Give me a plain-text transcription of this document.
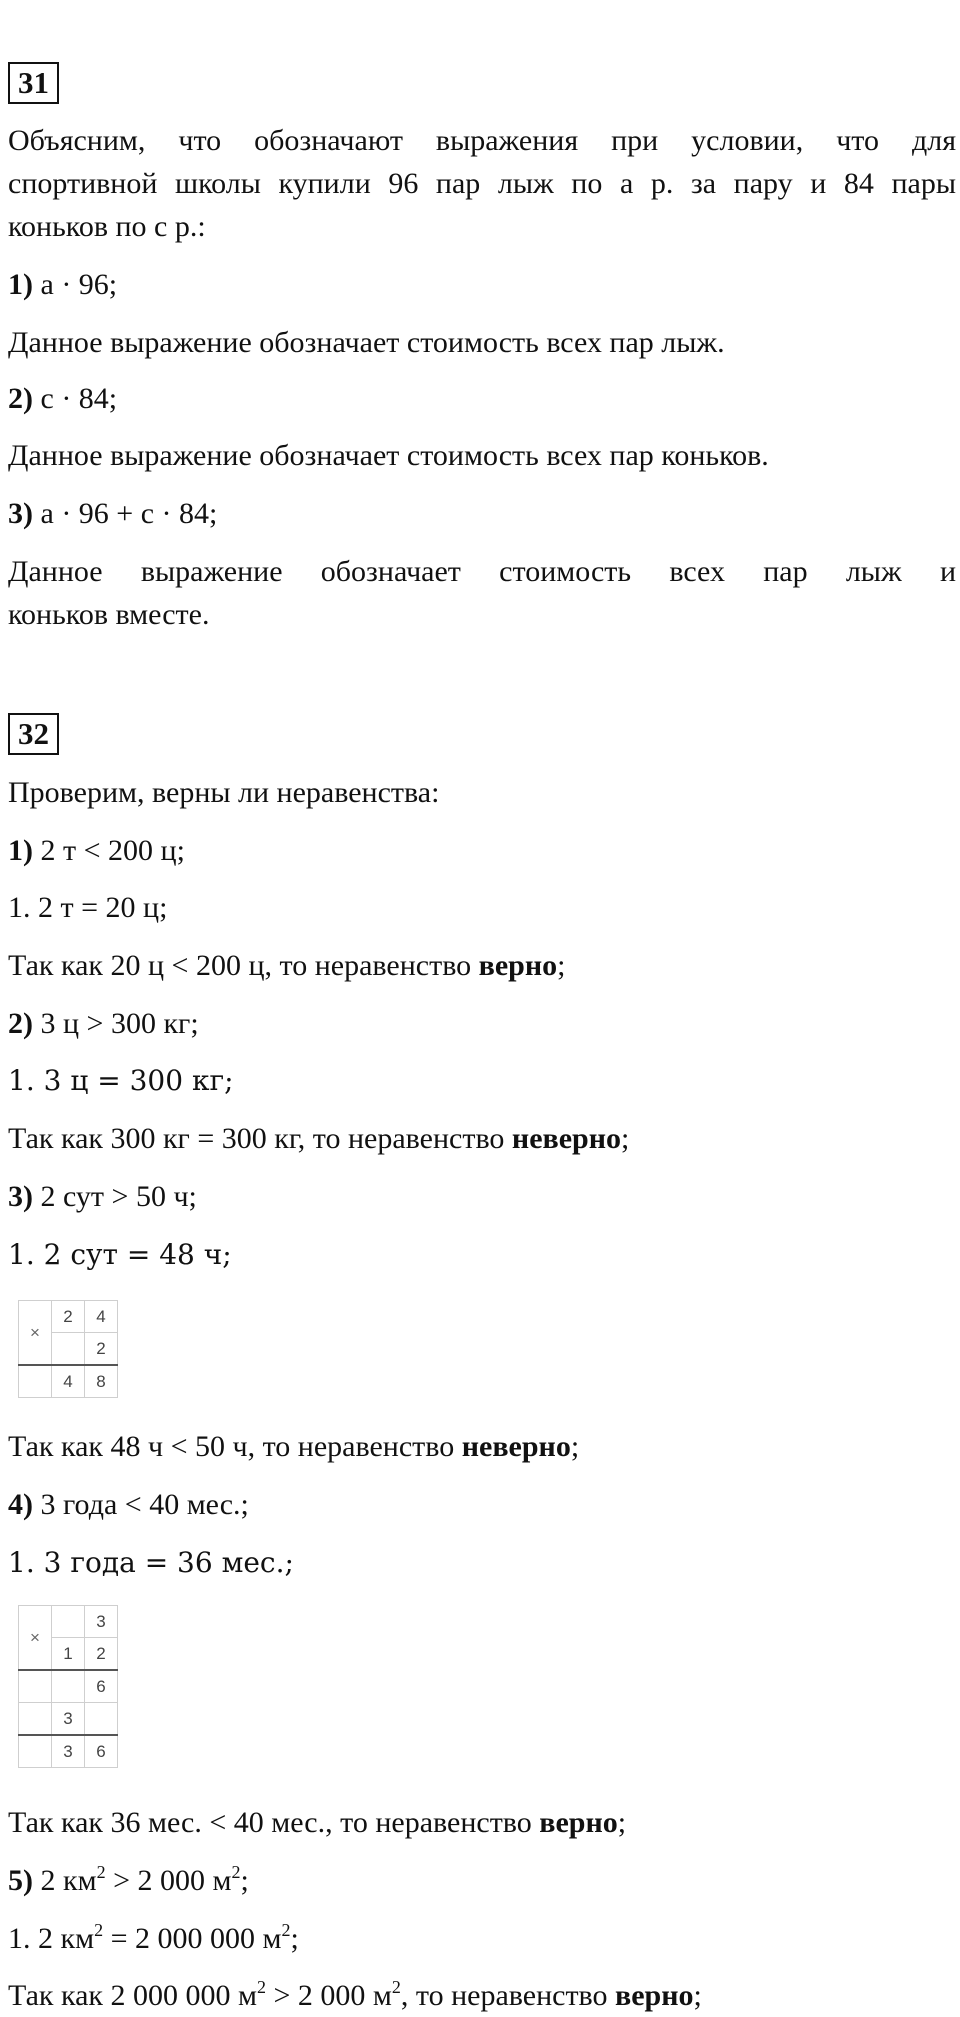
31
Объясним, что обозначают выражения при условии, что для
спортивной школы купили 96 пар лыж по а р. за пару и 84 пары
коньков по с р.:
1) а · 96;
Данное выражение обозначает стоимость всех пар лыж.
2) с · 84;
Данное выражение обозначает стоимость всех пар коньков.
3) а · 96 + с · 84;
Данное выражение обозначает стоимость всех пар лыж и
коньков вместе.
32
Проверим, верны ли неравенства:
1) 2 т < 200 ц;
1. 2 т = 20 ц;
Так как 20 ц < 200 ц, то неравенство верно;
2) 3 ц > 300 кг;
1. 3 ц = 300 кг;
Так как 300 кг = 300 кг, то неравенство неверно;
3) 2 сут > 50 ч;
1. 2 сут = 48 ч;
×	2	4
		2
	4	8
Так как 48 ч < 50 ч, то неравенство неверно;
4) 3 года < 40 мес.;
1. 3 года = 36 мес.;
×		3
	1	2
		6
	3	
	3	6
Так как 36 мес. < 40 мес., то неравенство верно;
5) 2 $км^2 > 2$ 000 $м^2$;
1. 2 $км^2 = 2$ 000 000 $м^2$;
Так как 2 000 000 $м^2 > 2$ 000 $м^2$, то неравенство верно;
